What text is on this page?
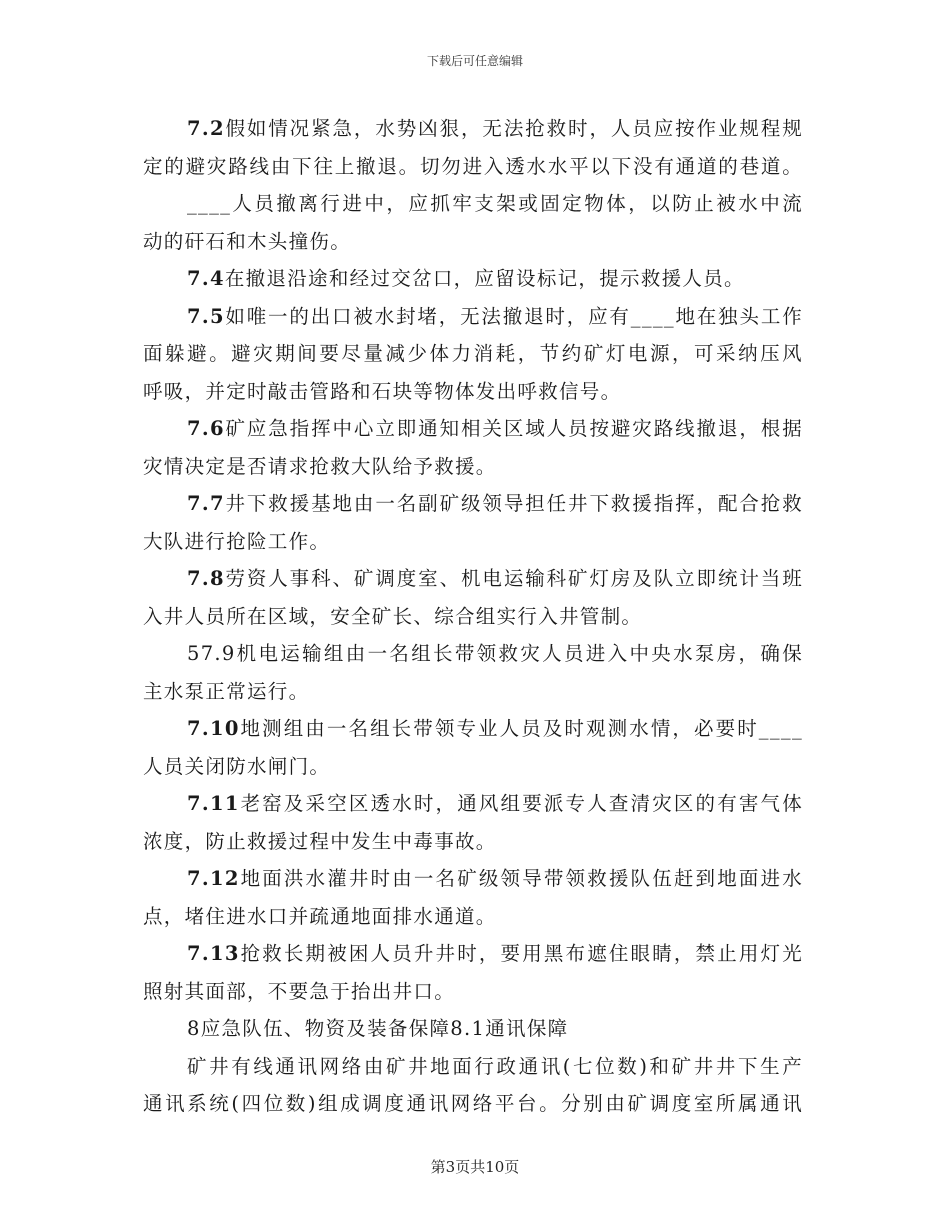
下载后可任意编辑
7.2假如情况紧急，水势凶狠，无法抢救时，人员应按作业规程规
定的避灾路线由下往上撤退。切勿进入透水水平以下没有通道的巷道。
____人员撤离行进中，应抓牢支架或固定物体，以防止被水中流
动的矸石和木头撞伤。
7.4在撤退沿途和经过交岔口，应留设标记，提示救援人员。
7.5如唯一的出口被水封堵，无法撤退时，应有____地在独头工作
面躲避。避灾期间要尽量减少体力消耗，节约矿灯电源，可采纳压风
呼吸，并定时敲击管路和石块等物体发出呼救信号。
7.6矿应急指挥中心立即通知相关区域人员按避灾路线撤退，根据
灾情决定是否请求抢救大队给予救援。
7.7井下救援基地由一名副矿级领导担任井下救援指挥，配合抢救
大队进行抢险工作。
7.8劳资人事科、矿调度室、机电运输科矿灯房及队立即统计当班
入井人员所在区域，安全矿长、综合组实行入井管制。
57.9机电运输组由一名组长带领救灾人员进入中央水泵房，确保
主水泵正常运行。
7.10地测组由一名组长带领专业人员及时观测水情，必要时____
人员关闭防水闸门。
7.11老窑及采空区透水时，通风组要派专人查清灾区的有害气体
浓度，防止救援过程中发生中毒事故。
7.12地面洪水灌井时由一名矿级领导带领救援队伍赶到地面进水
点，堵住进水口并疏通地面排水通道。
7.13抢救长期被困人员升井时，要用黑布遮住眼睛，禁止用灯光
照射其面部，不要急于抬出井口。
8应急队伍、物资及装备保障8.1通讯保障
矿井有线通讯网络由矿井地面行政通讯(七位数)和矿井井下生产
通讯系统(四位数)组成调度通讯网络平台。分别由矿调度室所属通讯
第3页共10页
